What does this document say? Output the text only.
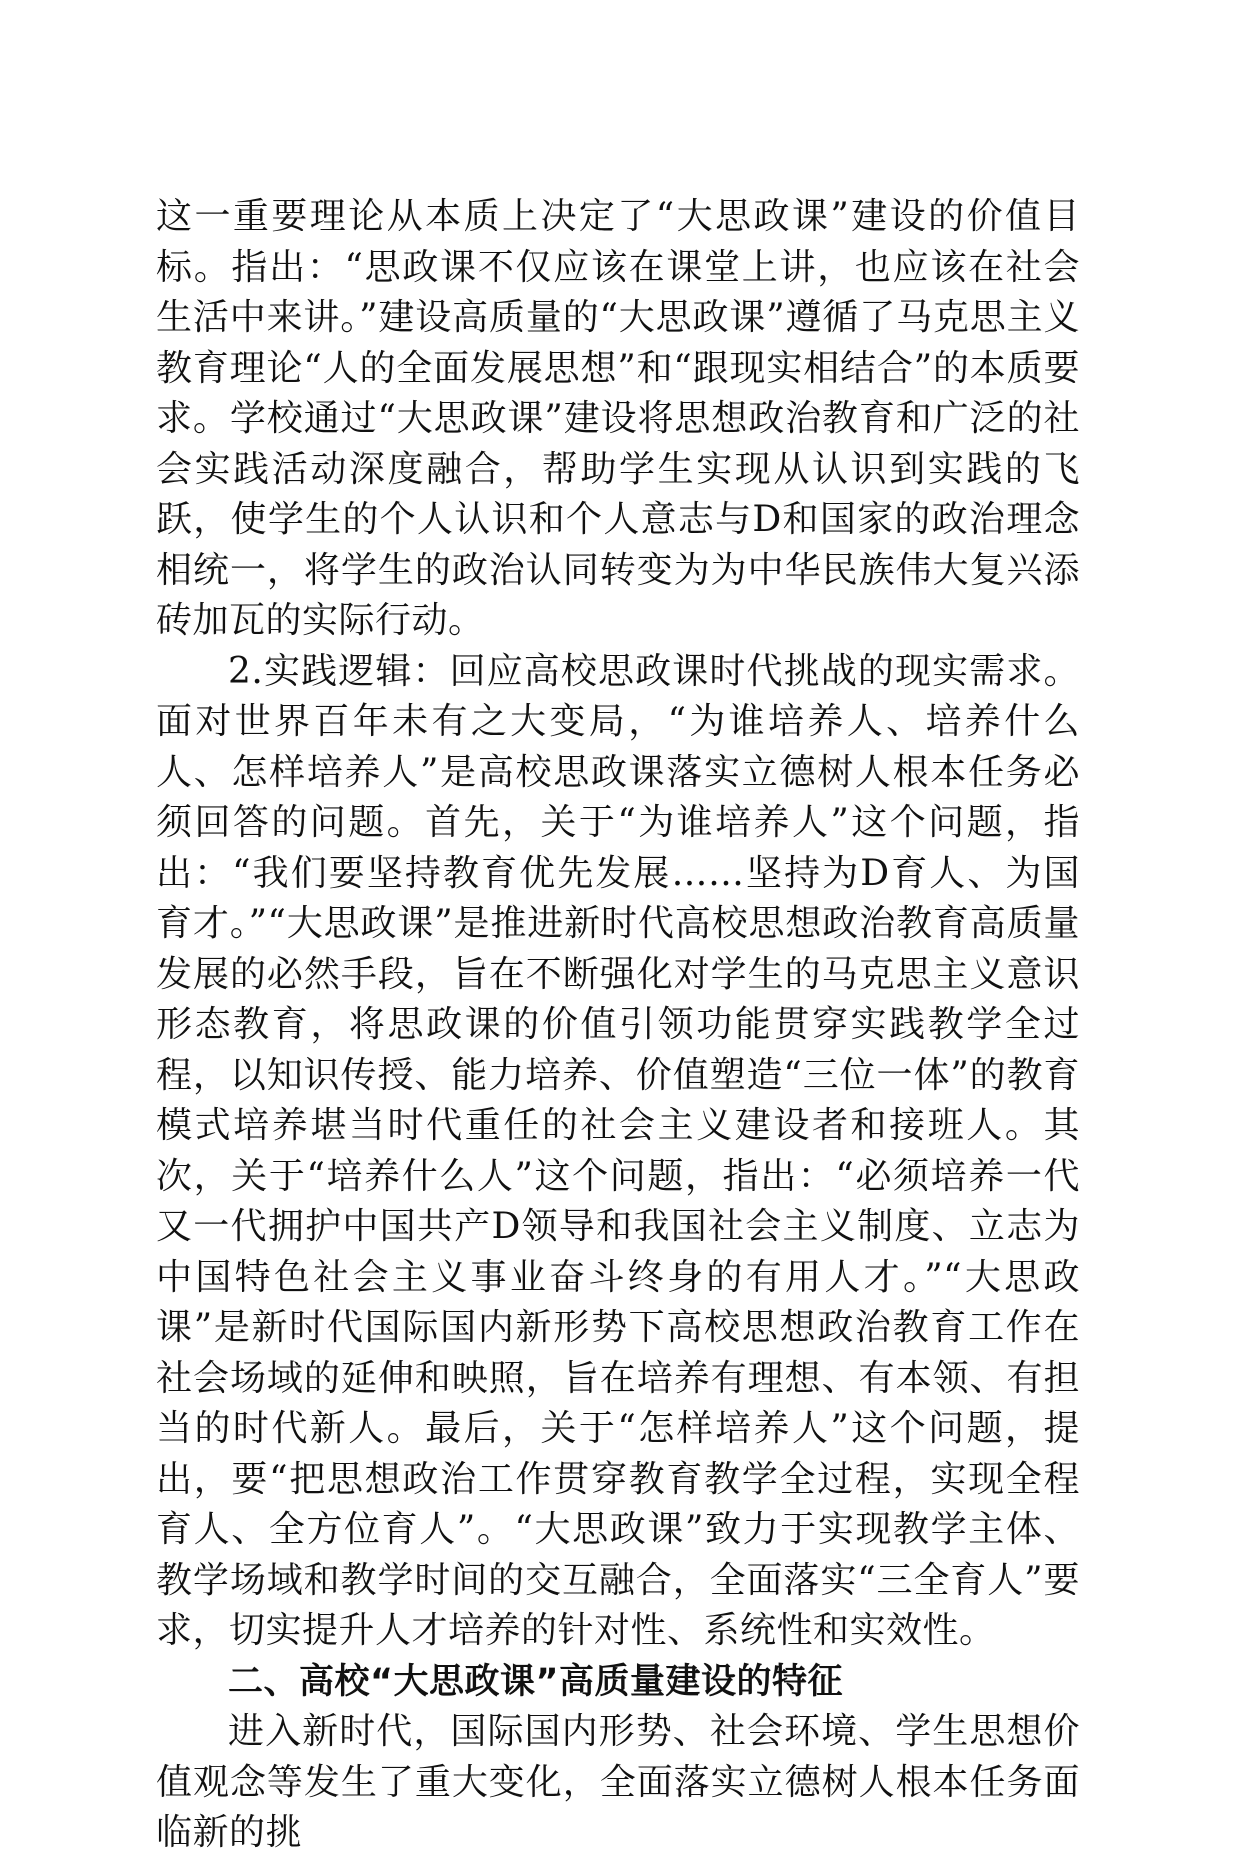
这一重要理论从本质上决定了“大思政课”建设的价值目标。指出：“思政课不仅应该在课堂上讲，也应该在社会生活中来讲。”建设高质量的“大思政课”遵循了马克思主义教育理论“人的全面发展思想”和“跟现实相结合”的本质要求。学校通过“大思政课”建设将思想政治教育和广泛的社会实践活动深度融合，帮助学生实现从认识到实践的飞跃，使学生的个人认识和个人意志与D和国家的政治理念相统一，将学生的政治认同转变为为中华民族伟大复兴添砖加瓦的实际行动。

2.实践逻辑：回应高校思政课时代挑战的现实需求。面对世界百年未有之大变局，“为谁培养人、培养什么人、怎样培养人”是高校思政课落实立德树人根本任务必须回答的问题。首先，关于“为谁培养人”这个问题，指出：“我们要坚持教育优先发展……坚持为D育人、为国育才。”“大思政课”是推进新时代高校思想政治教育高质量发展的必然手段，旨在不断强化对学生的马克思主义意识形态教育，将思政课的价值引领功能贯穿实践教学全过程，以知识传授、能力培养、价值塑造“三位一体”的教育模式培养堪当时代重任的社会主义建设者和接班人。其次，关于“培养什么人”这个问题，指出：“必须培养一代又一代拥护中国共产D领导和我国社会主义制度、立志为中国特色社会主义事业奋斗终身的有用人才。”“大思政课”是新时代国际国内新形势下高校思想政治教育工作在社会场域的延伸和映照，旨在培养有理想、有本领、有担当的时代新人。最后，关于“怎样培养人”这个问题，提出，要“把思想政治工作贯穿教育教学全过程，实现全程育人、全方位育人”。“大思政课”致力于实现教学主体、教学场域和教学时间的交互融合，全面落实“三全育人”要求，切实提升人才培养的针对性、系统性和实效性。

二、高校“大思政课”高质量建设的特征

进入新时代，国际国内形势、社会环境、学生思想价值观念等发生了重大变化，全面落实立德树人根本任务面临新的挑
